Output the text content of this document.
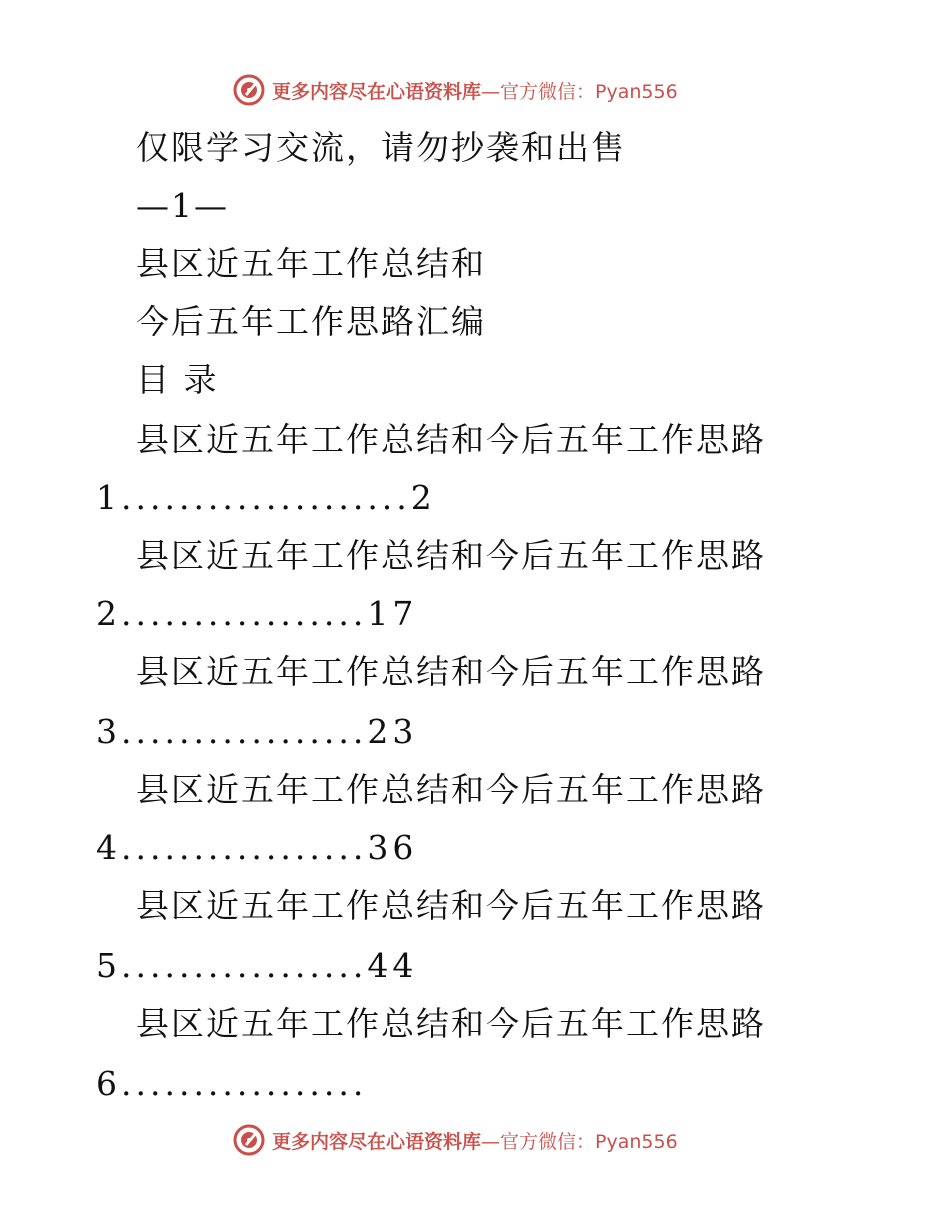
更多内容尽在心语资料库—官方微信：Pyan556
仅限学习交流，请勿抄袭和出售
—1—
县区近五年工作总结和
今后五年工作思路汇编
目 录
县区近五年工作总结和今后五年工作思路
1....................2
县区近五年工作总结和今后五年工作思路
2.................17
县区近五年工作总结和今后五年工作思路
3.................23
县区近五年工作总结和今后五年工作思路
4.................36
县区近五年工作总结和今后五年工作思路
5.................44
县区近五年工作总结和今后五年工作思路
6.................
更多内容尽在心语资料库—官方微信：Pyan556
